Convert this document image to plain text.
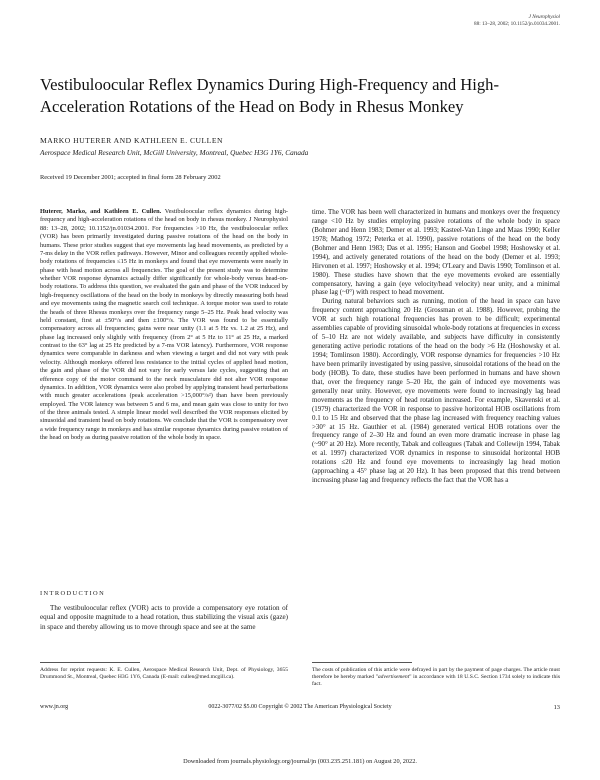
J Neurophysiol
88: 13–28, 2002; 10.1152/jn.01034.2001.
Vestibuloocular Reflex Dynamics During High-Frequency and High-Acceleration Rotations of the Head on Body in Rhesus Monkey
MARKO HUTERER AND KATHLEEN E. CULLEN
Aerospace Medical Research Unit, McGill University, Montreal, Quebec H3G 1Y6, Canada
Received 19 December 2001; accepted in final form 28 February 2002

Huterer, Marko, and Kathleen E. Cullen. Vestibuloocular reflex dynamics during high-frequency and high-acceleration rotations of the head on body in rhesus monkey. J Neurophysiol 88: 13–28, 2002; 10.1152/jn.01034.2001. For frequencies >10 Hz, the vestibuloocular reflex (VOR) has been primarily investigated during passive rotations of the head on the body in humans. These prior studies suggest that eye movements lag head movements, as predicted by a 7-ms delay in the VOR reflex pathways. However, Minor and colleagues recently applied whole-body rotations of frequencies ≤15 Hz in monkeys and found that eye movements were nearly in phase with head motion across all frequencies. The goal of the present study was to determine whether VOR response dynamics actually differ significantly for whole-body versus head-on-body rotations. To address this question, we evaluated the gain and phase of the VOR induced by high-frequency oscillations of the head on the body in monkeys by directly measuring both head and eye movements using the magnetic search coil technique. A torque motor was used to rotate the heads of three Rhesus monkeys over the frequency range 5–25 Hz. Peak head velocity was held constant, first at ±50°/s and then ±100°/s. The VOR was found to be essentially compensatory across all frequencies; gains were near unity (1.1 at 5 Hz vs. 1.2 at 25 Hz), and phase lag increased only slightly with frequency (from 2° at 5 Hz to 11° at 25 Hz, a marked contrast to the 63° lag at 25 Hz predicted by a 7-ms VOR latency). Furthermore, VOR response dynamics were comparable in darkness and when viewing a target and did not vary with peak velocity. Although monkeys offered less resistance to the initial cycles of applied head motion, the gain and phase of the VOR did not vary for early versus late cycles, suggesting that an efference copy of the motor command to the neck musculature did not alter VOR response dynamics. In addition, VOR dynamics were also probed by applying transient head perturbations with much greater accelerations (peak acceleration >15,000°/s²) than have been previously employed. The VOR latency was between 5 and 6 ms, and mean gain was close to unity for two of the three animals tested. A simple linear model well described the VOR responses elicited by sinusoidal and transient head on body rotations. We conclude that the VOR is compensatory over a wide frequency range in monkeys and has similar response dynamics during passive rotation of the head on body as during passive rotation of the whole body in space.

INTRODUCTION

The vestibuloocular reflex (VOR) acts to provide a compensatory eye rotation of equal and opposite magnitude to a head rotation, thus stabilizing the visual axis (gaze) in space and thereby allowing us to move through space and see at the same

time. The VOR has been well characterized in humans and monkeys over the frequency range <10 Hz by studies employing passive rotations of the whole body in space (Bohmer and Henn 1983; Demer et al. 1993; Kasteel-Van Linge and Maas 1990; Keller 1978; Mathog 1972; Peterka et al. 1990), passive rotations of the head on the body (Bohmer and Henn 1983; Das et al. 1995; Hanson and Goebel 1998; Hoshowsky et al. 1994), and actively generated rotations of the head on the body (Demer et al. 1993; Hirvonen et al. 1997; Hoshowsky et al. 1994; O'Leary and Davis 1990; Tomlinson et al. 1980). These studies have shown that the eye movements evoked are essentially compensatory, having a gain (eye velocity/head velocity) near unity, and a minimal phase lag (~0°) with respect to head movement.

During natural behaviors such as running, motion of the head in space can have frequency content approaching 20 Hz (Grossman et al. 1988). However, probing the VOR at such high rotational frequencies has proven to be difficult; experimental assemblies capable of providing sinusoidal whole-body rotations at frequencies in excess of 5–10 Hz are not widely available, and subjects have difficulty in consistently generating active periodic rotations of the head on the body >6 Hz (Hoshowsky et al. 1994; Tomlinson 1980). Accordingly, VOR response dynamics for frequencies >10 Hz have been primarily investigated by using passive, sinusoidal rotations of the head on the body (HOB). To date, these studies have been performed in humans and have shown that, over the frequency range 5–20 Hz, the gain of induced eye movements was generally near unity. However, eye movements were found to increasingly lag head movements as the frequency of head rotation increased. For example, Skavenski et al. (1979) characterized the VOR in response to passive horizontal HOB oscillations from 0.1 to 15 Hz and observed that the phase lag increased with frequency reaching values >30° at 15 Hz. Gauthier et al. (1984) generated vertical HOB rotations over the frequency range of 2–30 Hz and found an even more dramatic increase in phase lag (~90° at 20 Hz). More recently, Tabak and colleagues (Tabak and Collewijn 1994, Tabak et al. 1997) characterized VOR dynamics in response to sinusoidal horizontal HOB rotations ≤20 Hz and found eye movements to increasingly lag head motion (approaching a 45° phase lag at 20 Hz). It has been proposed that this trend between increasing phase lag and frequency reflects the fact that the VOR has a

Address for reprint requests: K. E. Cullen, Aerospace Medical Research Unit, Dept. of Physiology, 3655 Drummond St., Montreal, Quebec H3G 1Y6, Canada (E-mail: cullen@med.mcgill.ca).

The costs of publication of this article were defrayed in part by the payment of page charges. The article must therefore be hereby marked "advertisement" in accordance with 18 U.S.C. Section 1734 solely to indicate this fact.

www.jn.org	0022-3077/02 $5.00 Copyright © 2002 The American Physiological Society	13
Downloaded from journals.physiology.org/journal/jn (003.235.251.181) on August 20, 2022.
